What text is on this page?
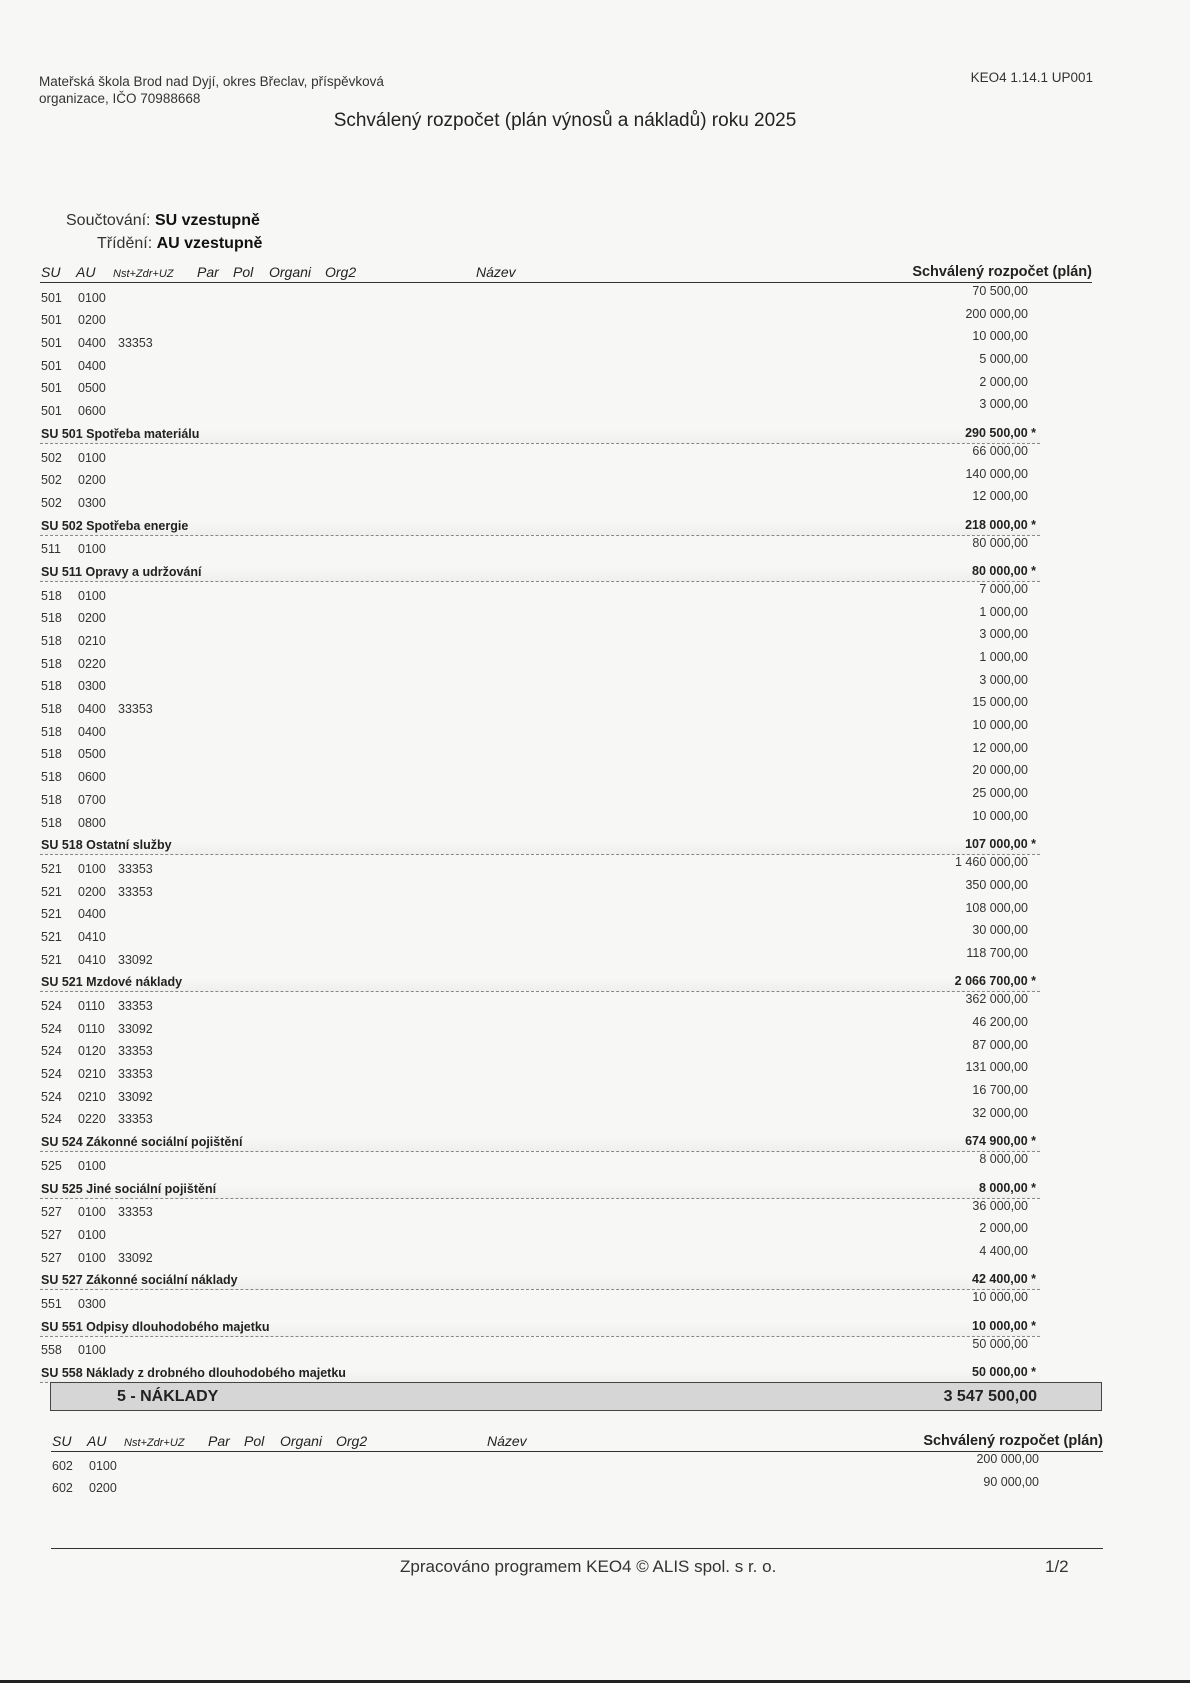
Mateřská škola Brod nad Dyjí, okres Břeclav, příspěvková
organizace, IČO 70988668
KEO4 1.14.1 UP001
Schválený rozpočet (plán výnosů a nákladů) roku 2025
Součtování: SU vzestupně
Třídění: AU vzestupně
SU AU Nst+Zdr+UZ Par Pol Organi Org2	Název	Schválený rozpočet (plán)
501 0100	70 500,00
501 0200	200 000,00
501 0400 33353	10 000,00
501 0400	5 000,00
501 0500	2 000,00
501 0600	3 000,00
SU 501 Spotřeba materiálu	290 500,00 *
502 0100	66 000,00
502 0200	140 000,00
502 0300	12 000,00
SU 502 Spotřeba energie	218 000,00 *
511 0100	80 000,00
SU 511 Opravy a udržování	80 000,00 *
518 0100	7 000,00
518 0200	1 000,00
518 0210	3 000,00
518 0220	1 000,00
518 0300	3 000,00
518 0400 33353	15 000,00
518 0400	10 000,00
518 0500	12 000,00
518 0600	20 000,00
518 0700	25 000,00
518 0800	10 000,00
SU 518 Ostatní služby	107 000,00 *
521 0100 33353	1 460 000,00
521 0200 33353	350 000,00
521 0400	108 000,00
521 0410	30 000,00
521 0410 33092	118 700,00
SU 521 Mzdové náklady	2 066 700,00 *
524 0110 33353	362 000,00
524 0110 33092	46 200,00
524 0120 33353	87 000,00
524 0210 33353	131 000,00
524 0210 33092	16 700,00
524 0220 33353	32 000,00
SU 524 Zákonné sociální pojištění	674 900,00 *
525 0100	8 000,00
SU 525 Jiné sociální pojištění	8 000,00 *
527 0100 33353	36 000,00
527 0100	2 000,00
527 0100 33092	4 400,00
SU 527 Zákonné sociální náklady	42 400,00 *
551 0300	10 000,00
SU 551 Odpisy dlouhodobého majetku	10 000,00 *
558 0100	50 000,00
SU 558 Náklady z drobného dlouhodobého majetku	50 000,00 *
5 - NÁKLADY	3 547 500,00
SU AU Nst+Zdr+UZ Par Pol Organi Org2	Název	Schválený rozpočet (plán)
602 0100	200 000,00
602 0200	90 000,00
Zpracováno programem KEO4 © ALIS spol. s r. o.	1/2
